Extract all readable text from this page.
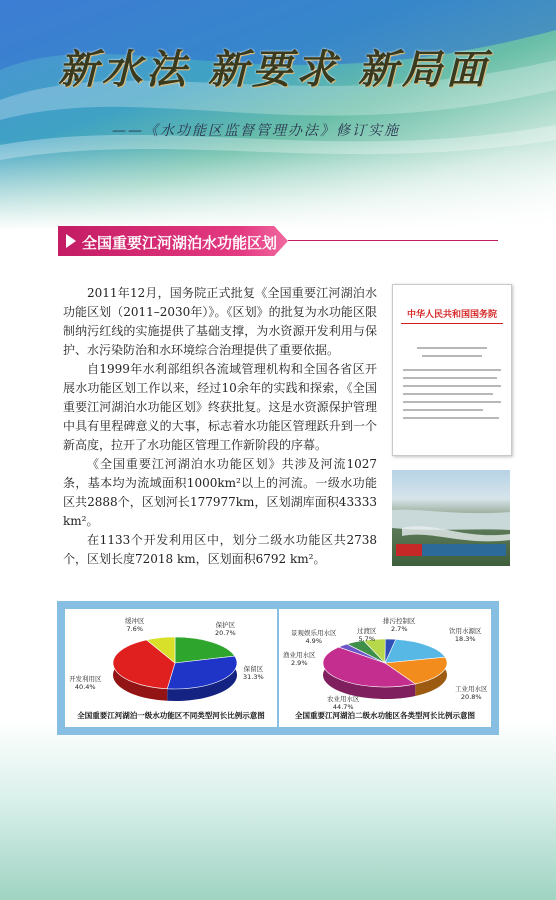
新水法 新要求 新局面
——《水功能区监督管理办法》修订实施
全国重要江河湖泊水功能区划

2011年12月，国务院正式批复《全国重要江河湖泊水功能区划（2011–2030年）》。《区划》的批复为水功能区限制纳污红线的实施提供了基础支撑，为水资源开发利用与保护、水污染防治和水环境综合治理提供了重要依据。

自1999年水利部组织各流域管理机构和全国各省区开展水功能区划工作以来，经过10余年的实践和探索，《全国重要江河湖泊水功能区划》终获批复。这是水资源保护管理中具有里程碑意义的大事，标志着水功能区管理跃升到一个新高度，拉开了水功能区管理工作新阶段的序幕。

《全国重要江河湖泊水功能区划》共涉及河流1027条，基本均为流域面积1000km²以上的河流。一级水功能区共2888个，区划河长177977km，区划湖库面积43333 km²。

在1133个开发利用区中，划分二级水功能区共2738个，区划长度72018 km，区划面积6792 km²。

中华人民共和国国务院
缓冲区
7.6%	保护区
20.7%
保留区
31.3%
开发利用区
40.4%
全国重要江河湖泊一级水功能区不同类型河长比例示意图
景观娱乐用水区
4.9%
过渡区
5.7%
排污控制区
2.7%	饮用水源区
18.3%
渔业用水区
2.9%
工业用水区
20.8%
农业用水区
44.7%
全国重要江河湖泊二级水功能区各类型河长比例示意图
